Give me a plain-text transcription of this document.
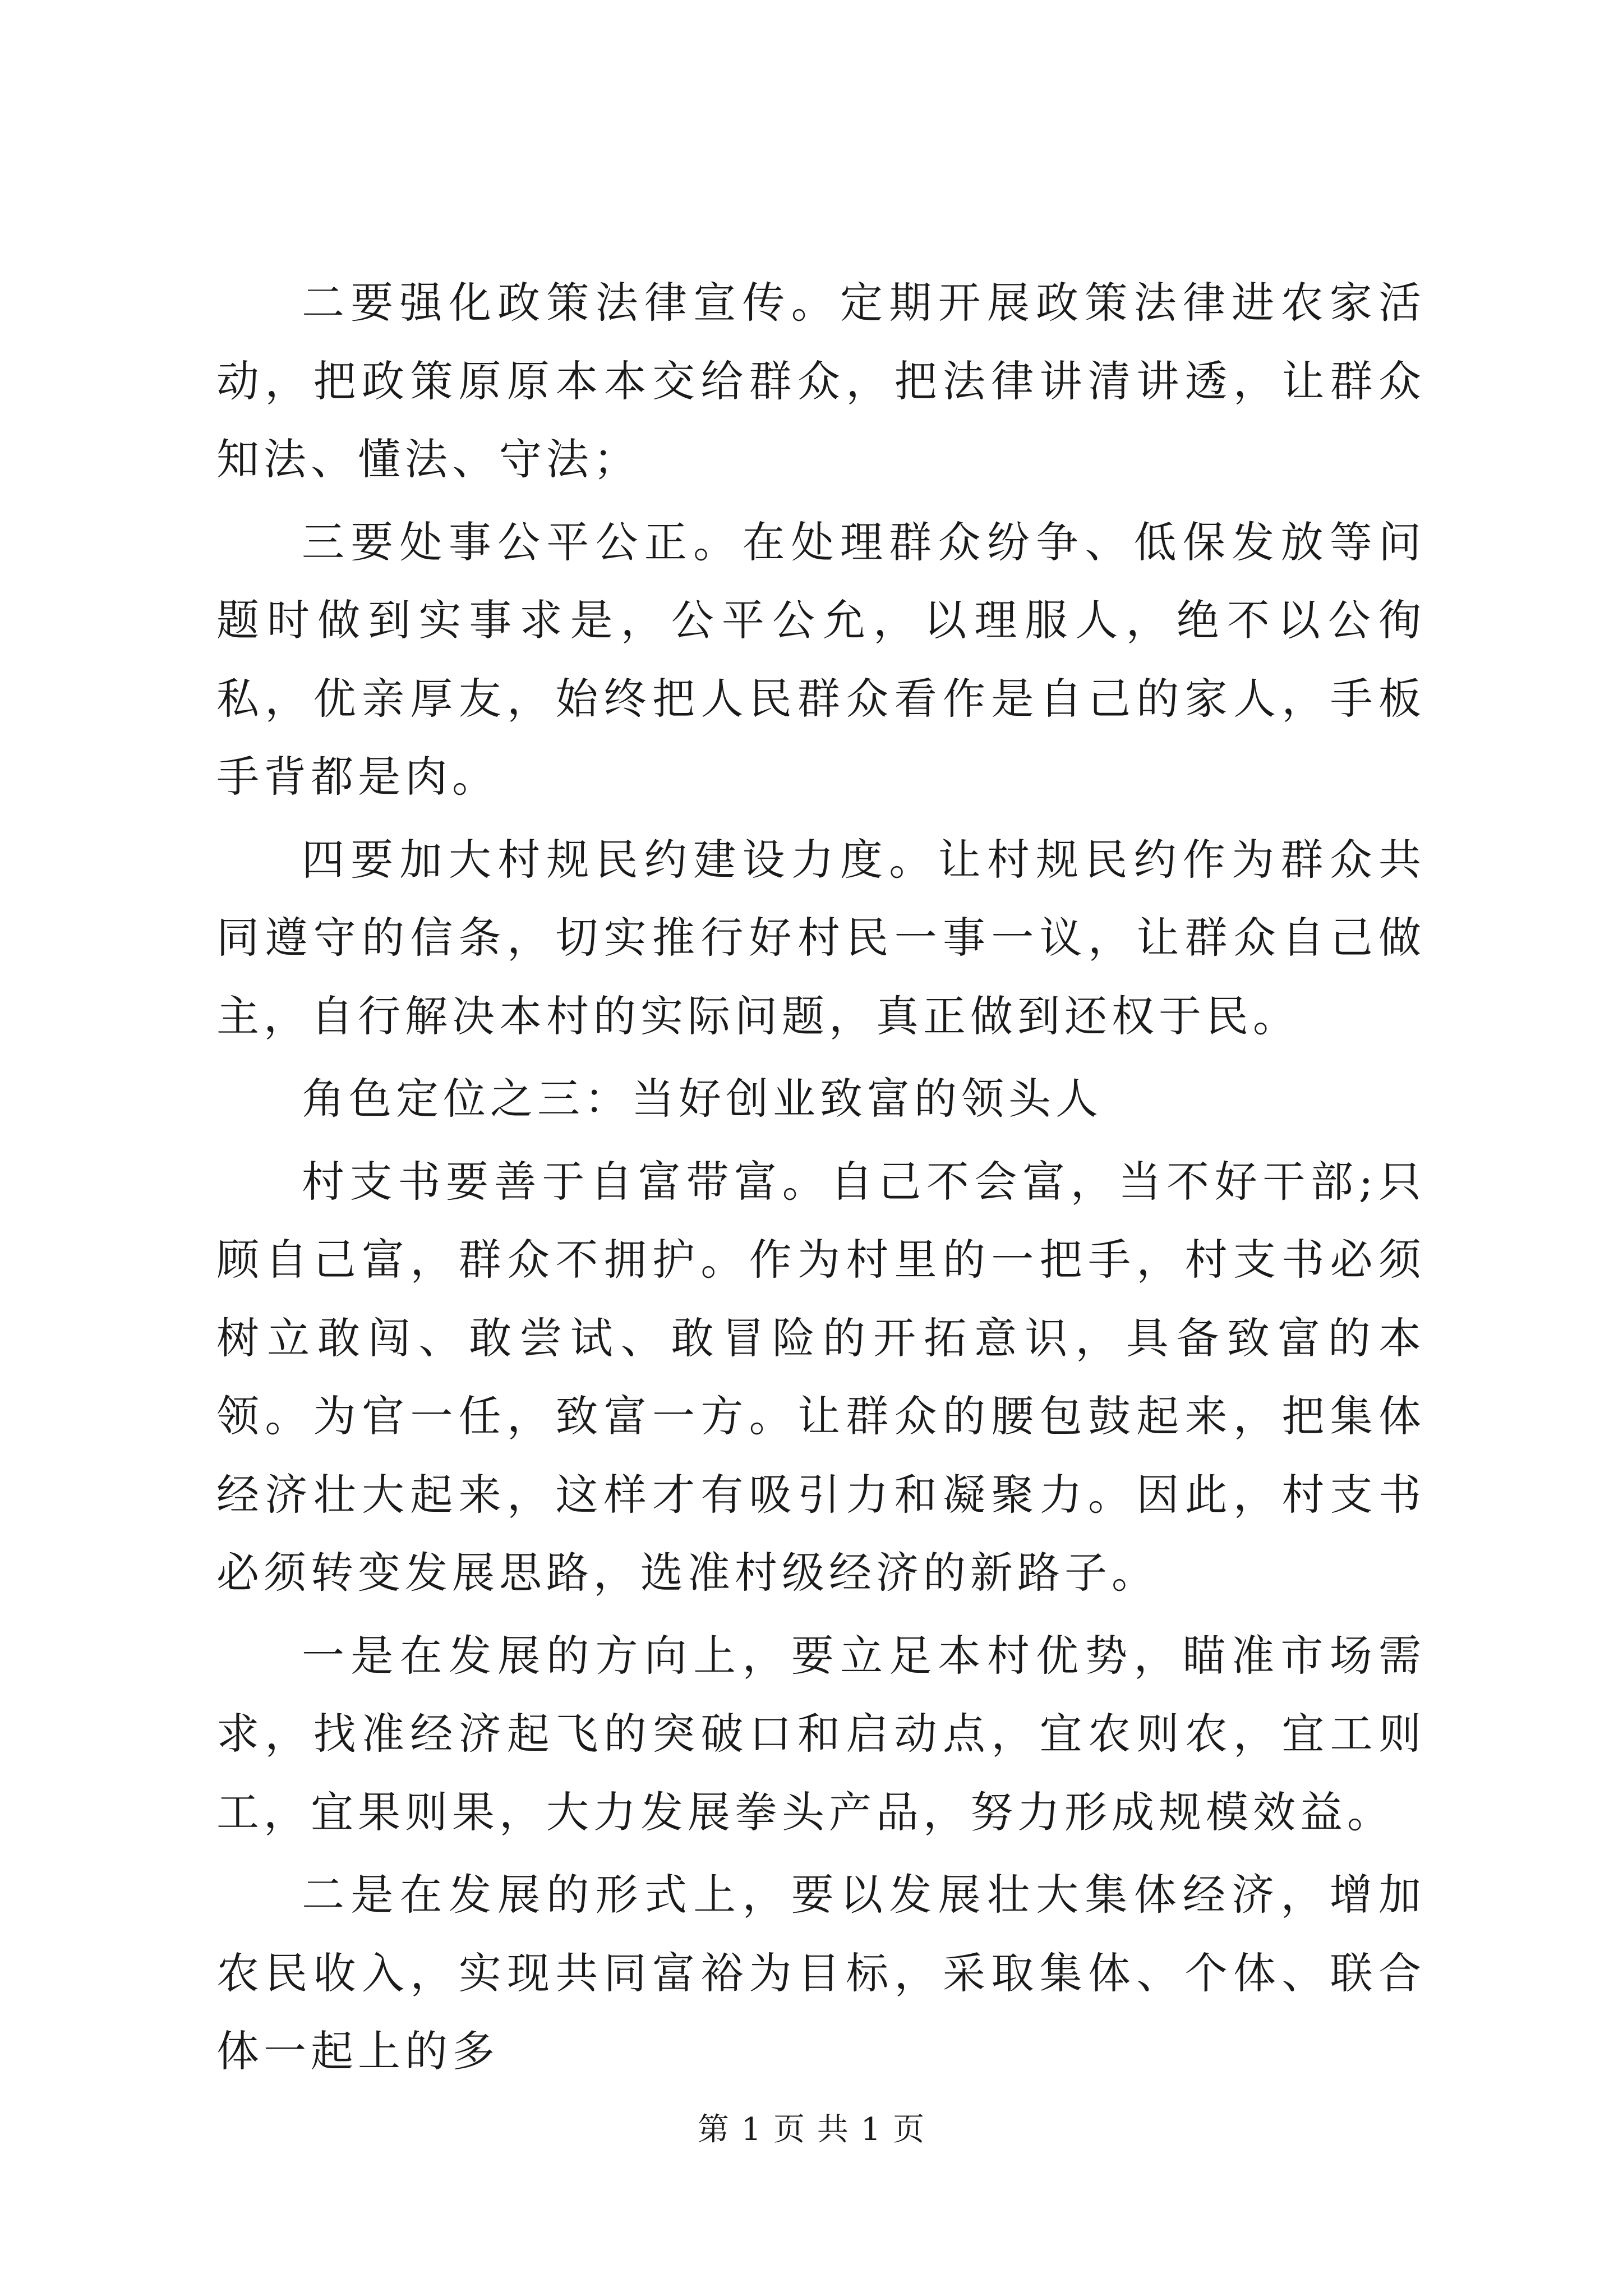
二要强化政策法律宣传。定期开展政策法律进农家活动，把政策原原本本交给群众，把法律讲清讲透，让群众知法、懂法、守法；

三要处事公平公正。在处理群众纷争、低保发放等问题时做到实事求是，公平公允，以理服人，绝不以公徇私，优亲厚友，始终把人民群众看作是自己的家人，手板手背都是肉。

四要加大村规民约建设力度。让村规民约作为群众共同遵守的信条，切实推行好村民一事一议，让群众自己做主，自行解决本村的实际问题，真正做到还权于民。

角色定位之三：当好创业致富的领头人

村支书要善于自富带富。自己不会富，当不好干部;只顾自己富，群众不拥护。作为村里的一把手，村支书必须树立敢闯、敢尝试、敢冒险的开拓意识，具备致富的本领。为官一任，致富一方。让群众的腰包鼓起来，把集体经济壮大起来，这样才有吸引力和凝聚力。因此，村支书必须转变发展思路，选准村级经济的新路子。

一是在发展的方向上，要立足本村优势，瞄准市场需求，找准经济起飞的突破口和启动点，宜农则农，宜工则工，宜果则果，大力发展拳头产品，努力形成规模效益。

二是在发展的形式上，要以发展壮大集体经济，增加农民收入，实现共同富裕为目标，采取集体、个体、联合体一起上的多

第 1 页 共 1 页
